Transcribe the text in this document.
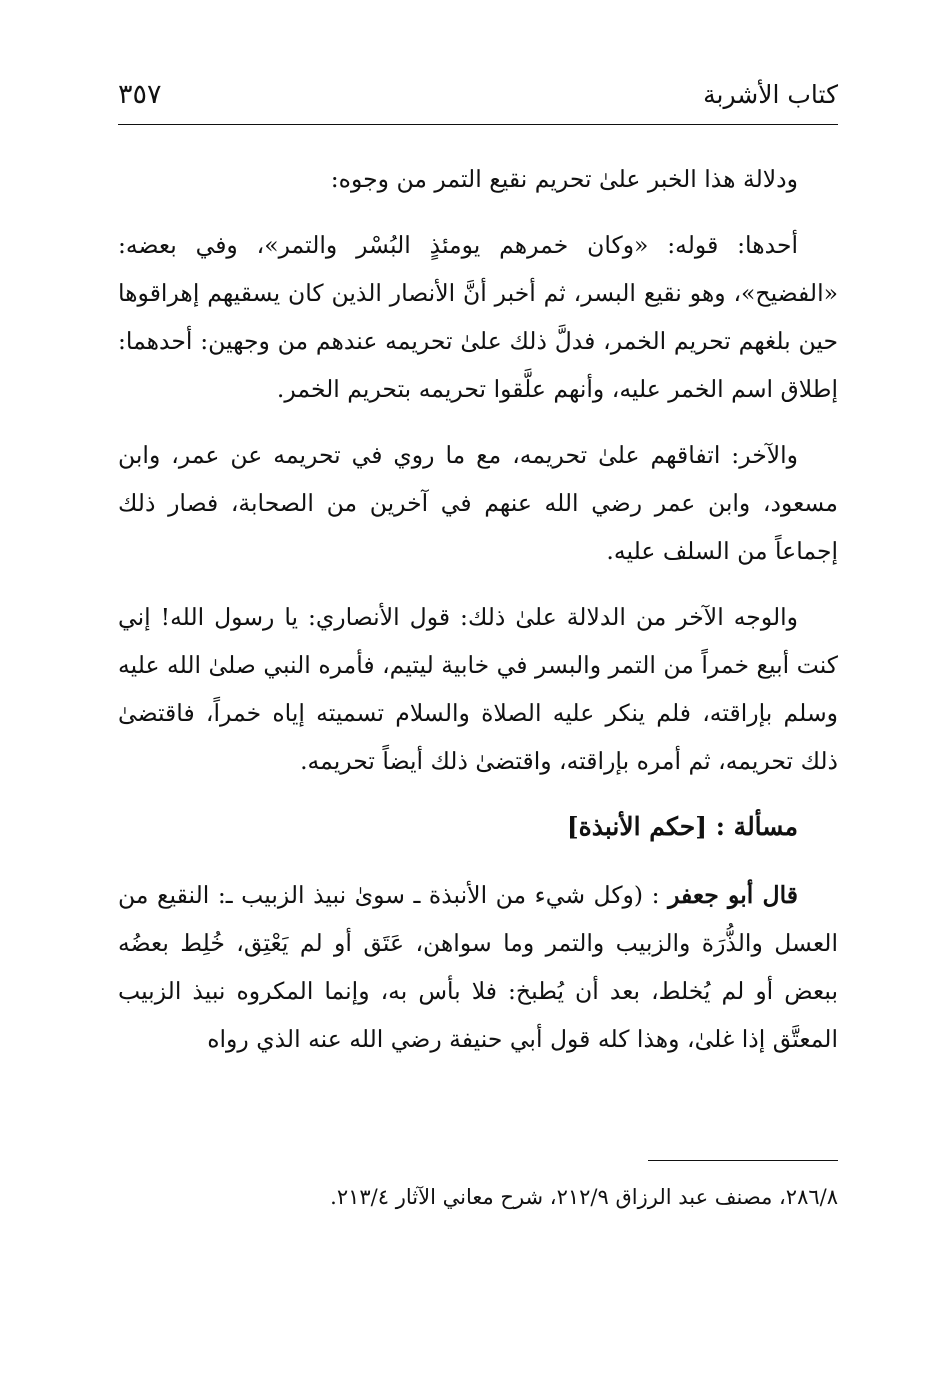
كتاب الأشربة
٣٥٧

ودلالة هذا الخبر علىٰ تحريم نقيع التمر من وجوه:

أحدها: قوله: «وكان خمرهم يومئذٍ البُسْر والتمر»، وفي بعضه: «الفضيح»، وهو نقيع البسر، ثم أخبر أنَّ الأنصار الذين كان يسقيهم إهراقوها حين بلغهم تحريم الخمر، فدلَّ ذلك علىٰ تحريمه عندهم من وجهين: أحدهما: إطلاق اسم الخمر عليه، وأنهم علَّقوا تحريمه بتحريم الخمر.

والآخر: اتفاقهم علىٰ تحريمه، مع ما روي في تحريمه عن عمر، وابن مسعود، وابن عمر رضي الله عنهم في آخرين من الصحابة، فصار ذلك إجماعاً من السلف عليه.

والوجه الآخر من الدلالة علىٰ ذلك: قول الأنصاري: يا رسول الله! إني كنت أبيع خمراً من التمر والبسر في خابية ليتيم، فأمره النبي صلىٰ الله عليه وسلم بإراقته، فلم ينكر عليه الصلاة والسلام تسميته إياه خمراً، فاقتضىٰ ذلك تحريمه، ثم أمره بإراقته، واقتضىٰ ذلك أيضاً تحريمه.

مسألة : [حكم الأنبذة]

قال أبو جعفر : (وكل شيء من الأنبذة ـ سوىٰ نبيذ الزبيب ـ: النقيع من العسل والذُّرَة والزبيب والتمر وما سواهن، عَتَق أو لم يَعْتِق، خُلِط بعضُه ببعض أو لم يُخلط، بعد أن يُطبخ: فلا بأس به، وإنما المكروه نبيذ الزبيب المعتَّق إذا غلىٰ، وهذا كله قول أبي حنيفة رضي الله عنه الذي رواه

٢٨٦/٨، مصنف عبد الرزاق ٢١٢/٩، شرح معاني الآثار ٢١٣/٤.
